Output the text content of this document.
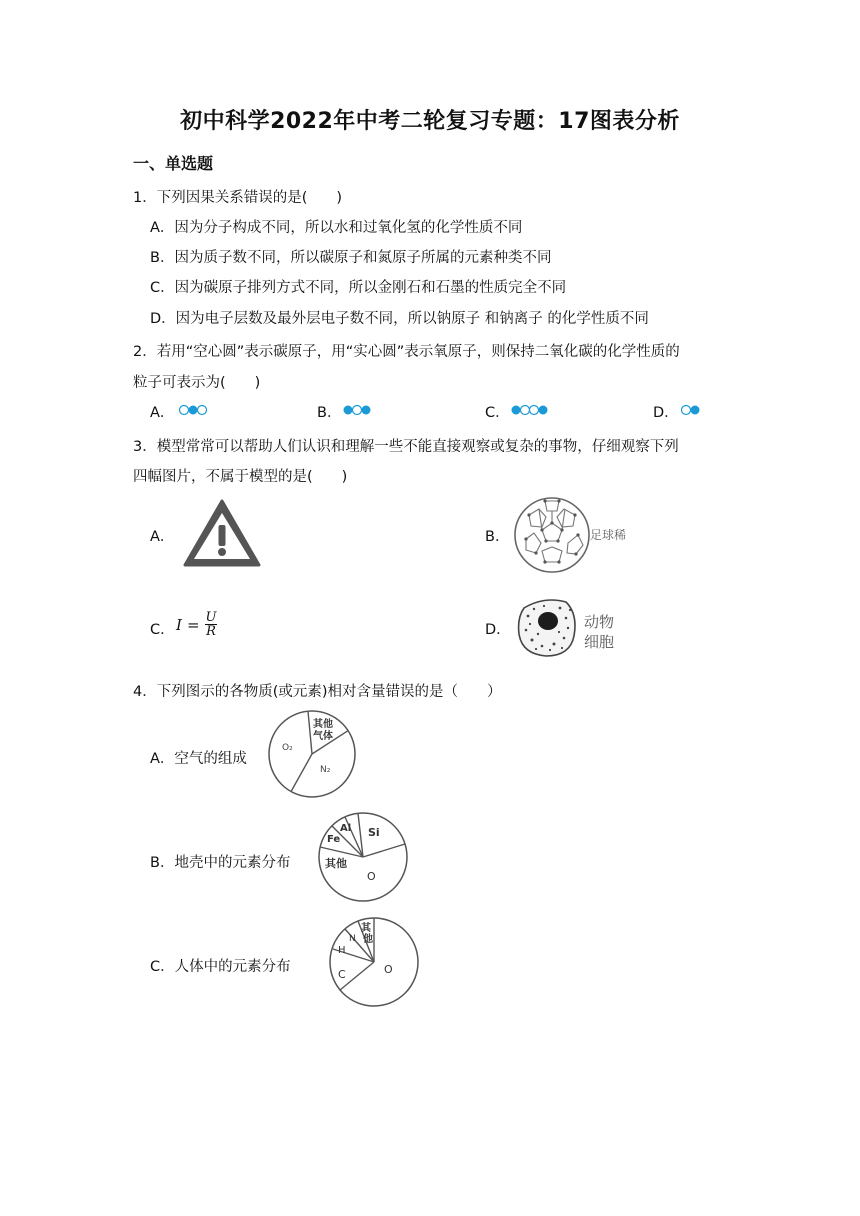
初中科学2022年中考二轮复习专题：17图表分析
一、单选题
1．下列因果关系错误的是(　　)
A．因为分子构成不同，所以水和过氧化氢的化学性质不同
B．因为质子数不同，所以碳原子和氮原子所属的元素种类不同
C．因为碳原子排列方式不同，所以金刚石和石墨的性质完全不同
D．因为电子层数及最外层电子数不同，所以钠原子 和钠离子 的化学性质不同
2．若用“空心圆”表示碳原子，用“实心圆”表示氧原子，则保持二氧化碳的化学性质的
粒子可表示为(　　)
A．	B．	C．	D．
3．模型常常可以帮助人们认识和理解一些不能直接观察或复杂的事物，仔细观察下列
四幅图片，不属于模型的是(　　)
A．	B．	足球稀
C． $I = \frac{U}{R}$	D．	动物
细胞
4．下列图示的各物质(或元素)相对含量错误的是（　　）
A．空气的组成
其他
气体
O₂
N₂
B．地壳中的元素分布
Al
Fe
Si
其他
O
C．人体中的元素分布
其
他
N
H
C	O
